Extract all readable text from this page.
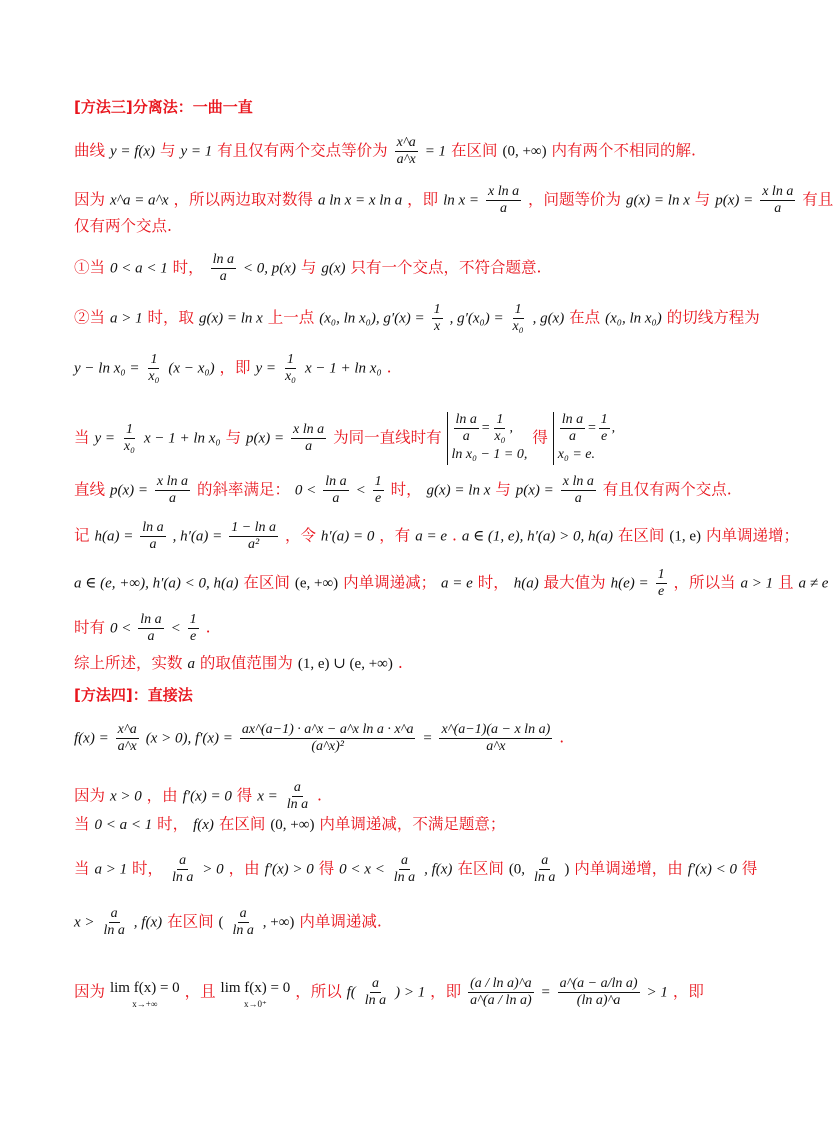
[方法三]分离法：一曲一直
曲线 y = f(x) 与 y = 1 有且仅有两个交点等价为 $\frac{x\^{}a}{a\^{}x} = 1$ 在区间 (0, +∞) 内有两个不相同的解.
因为 x^a = a^x ，所以两边取对数得 a ln x = x ln a ，即 $\ln x = \frac{\text{x ln a}}{a}$ ，问题等价为 g(x) = ln x 与 $p(x) = \frac{\text{x ln a}}{a}$ 有且
仅有两个交点.
①当 0 < a < 1 时， $\frac{\text{ln a}}{a} < 0$, p(x) 与 g(x) 只有一个交点，不符合题意.
②当 a > 1 时，取 g(x) = ln x 上一点 (x₀, ln x₀), $g'(x) = \frac{1}{x}$ , $g'(x_0) = \frac{1}{\text{x₀}}$ , g(x) 在点 (x₀, ln x₀) 的切线方程为
$y - \ln x_0 = \frac{1}{\text{x₀}} (x - x_0)$ ，即 $y = \frac{1}{\text{x₀}}$ x − 1 + ln x₀ .
当 $y = \frac{1}{\text{x₀}}$ x − 1 + ln x₀ 与 $p(x) = \frac{\text{x ln a}}{a}$ 为同一直线时有 $\frac{\text{ln a}}{a} = \frac{1}{\text{x₀}}$ ,
ln x₀ − 1 = 0,
得 $\frac{\text{ln a}}{a} = \frac{1}{e}$ ,
x₀ = e.
直线 $p(x) = \frac{\text{x ln a}}{a}$ 的斜率满足： $0 < \frac{\text{ln a}}{a} < \frac{1}{e}$ 时， g(x) = ln x 与 $p(x) = \frac{\text{x ln a}}{a}$ 有且仅有两个交点.
记 $h(a) = \frac{\text{ln a}}{a}$ , $h'(a) = \frac{\text{1 − ln a}}{\text{a²}}$ ，令 h′(a) = 0 ，有 a = e . a ∈ (1, e), h′(a) > 0, h(a) 在区间 (1, e) 内单调递增；
a ∈ (e, +∞), h′(a) < 0, h(a) 在区间 (e, +∞) 内单调递减； a = e 时， h(a) 最大值为 $h(e) = \frac{1}{e}$ ，所以当 a > 1 且 a ≠ e
时有 $0 < \frac{\text{ln a}}{a} < \frac{1}{e}$ .
综上所述，实数 a 的取值范围为 (1, e) ∪ (e, +∞) .
[方法四]：直接法
$f(x) = \frac{x\^{}a}{a\^{}x} (x > 0)$, $f'(x) = \frac{\text{ax\textasciicircum{}(a−1) · a\textasciicircum{}x − a\textasciicircum{}x ln a · x\textasciicircum{}a}}{\text{(a\textasciicircum{}x)²}} = \frac{\text{x\textasciicircum{}(a−1)(a − x ln a)}}{a\^{}x}$ .
因为 x > 0 ，由 f′(x) = 0 得 $x = \frac{a}{\text{ln a}}$ .
当 0 < a < 1 时， f(x) 在区间 (0, +∞) 内单调递减，不满足题意；
当 a > 1 时， $\frac{a}{\text{ln a}} > 0$ ，由 f′(x) > 0 得 $0 < x < \frac{a}{\text{ln a}}$ , f(x) 在区间 (0, $\frac{a}{\text{ln a}}$ ) 内单调递增，由 f′(x) < 0 得
$x > \frac{a}{\text{ln a}}$ , f(x) 在区间 ( $\frac{a}{\text{ln a}}$ , +∞) 内单调递减.
因为 lim f(x) = 0
x→+∞
，且 lim f(x) = 0
x→0⁺
，所以 $f( \frac{a}{\text{ln a}}$ ) > 1 ，即 $\frac{\text{(a / ln a)\textasciicircum{}a}}{\text{a\textasciicircum{}(a / ln a)}} = \frac{\text{a\textasciicircum{}(a − a/ln a)}}{\text{(ln a)\textasciicircum{}a}} > 1$ ，即
